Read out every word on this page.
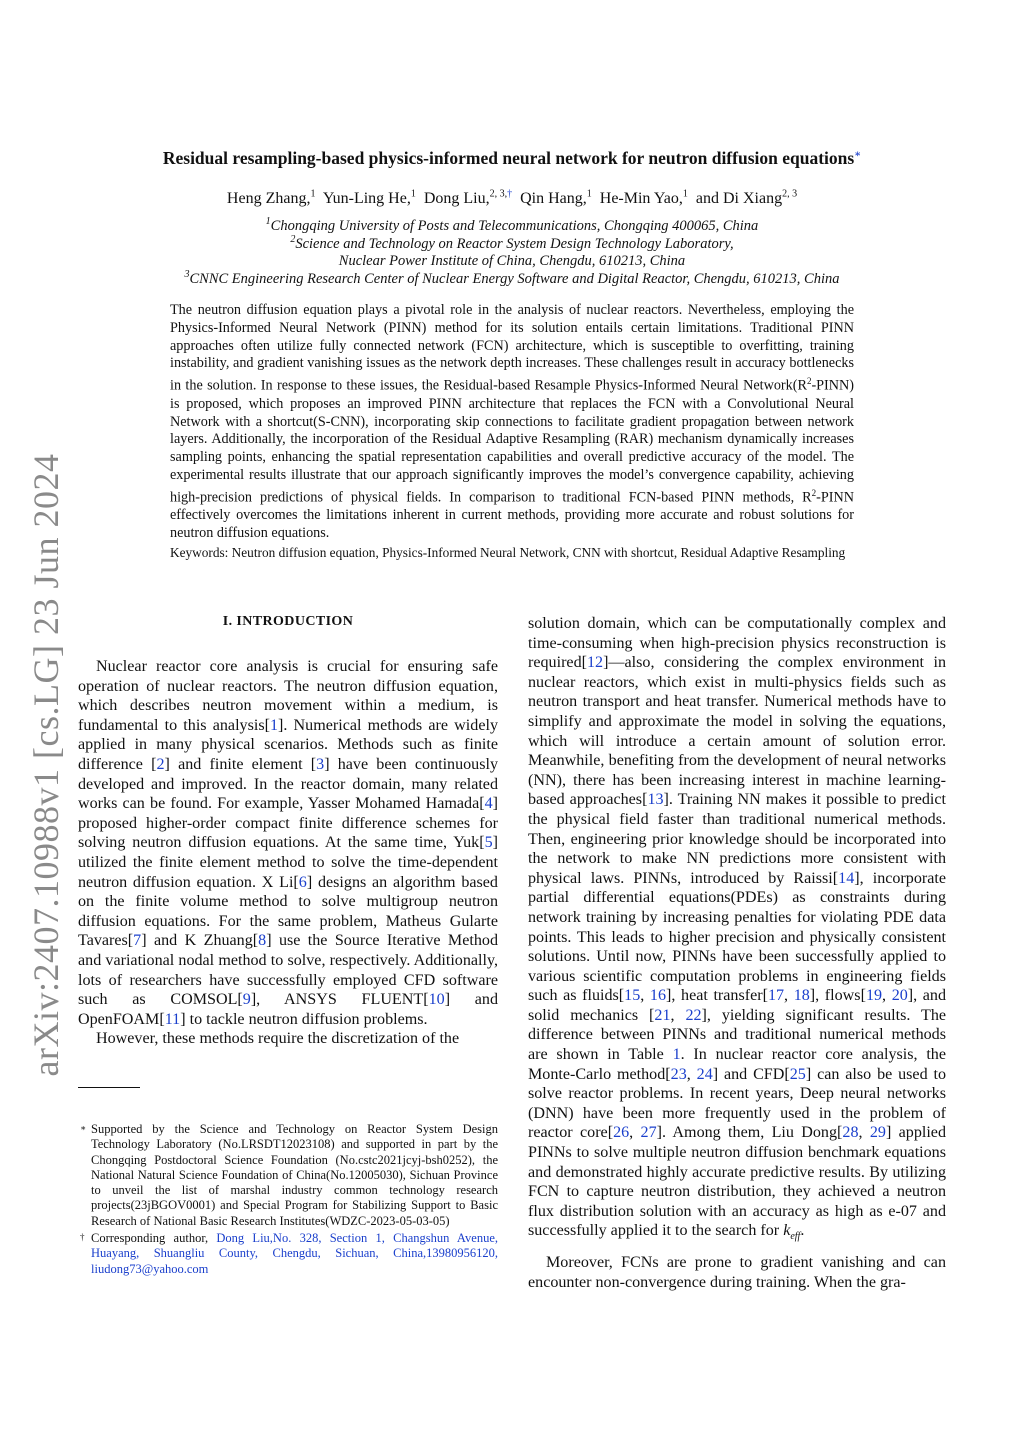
arXiv:2407.10988v1 [cs.LG] 23 Jun 2024
Residual resampling-based physics-informed neural network for neutron diffusion equations∗
Heng Zhang,$^1$ Yun-Ling He,$^1$ Dong Liu,$^{2, 3,\dagger}$ Qin Hang,$^1$ He-Min Yao,$^1$ and Di Xiang$^{2, 3}$
$^1$Chongqing University of Posts and Telecommunications, Chongqing 400065, China
$^2$Science and Technology on Reactor System Design Technology Laboratory,
Nuclear Power Institute of China, Chengdu, 610213, China
$^3$CNNC Engineering Research Center of Nuclear Energy Software and Digital Reactor, Chengdu, 610213, China
The neutron diffusion equation plays a pivotal role in the analysis of nuclear reactors. Nevertheless, employing the Physics-Informed Neural Network (PINN) method for its solution entails certain limitations. Traditional PINN approaches often utilize fully connected network (FCN) architecture, which is susceptible to overfitting, training instability, and gradient vanishing issues as the network depth increases. These challenges result in accuracy bottlenecks in the solution. In response to these issues, the Residual-based Resample Physics-Informed Neural $Network(R^2-PINN)$ is proposed, which proposes an improved PINN architecture that replaces the FCN with a Convolutional Neural Network with a shortcut(S-CNN), incorporating skip connections to facilitate gradient propagation between network layers. Additionally, the incorporation of the Residual Adaptive Resampling (RAR) mechanism dynamically increases sampling points, enhancing the spatial representation capabilities and overall predictive accuracy of the model. The experimental results illustrate that our approach significantly improves the model’s convergence capability, achieving high-precision predictions of physical fields. In comparison to traditional FCN-based PINN methods, $R^2$-PINN effectively overcomes the limitations inherent in current methods, providing more accurate and robust solutions for neutron diffusion equations.
Keywords: Neutron diffusion equation, Physics-Informed Neural Network, CNN with shortcut, Residual Adaptive Resampling
I. INTRODUCTION

Nuclear reactor core analysis is crucial for ensuring safe operation of nuclear reactors. The neutron diffusion equation, which describes neutron movement within a medium, is fundamental to this analysis[1]. Numerical methods are widely applied in many physical scenarios. Methods such as finite difference [2] and finite element [3] have been continuously developed and improved. In the reactor domain, many related works can be found. For example, Yasser Mohamed Hamada[4] proposed higher-order compact finite difference schemes for solving neutron diffusion equations. At the same time, Yuk[5] utilized the finite element method to solve the time-dependent neutron diffusion equation. X Li[6] designs an algorithm based on the finite volume method to solve multigroup neutron diffusion equations. For the same problem, Matheus Gularte Tavares[7] and K Zhuang[8] use the Source Iterative Method and variational nodal method to solve, respectively. Additionally, lots of researchers have successfully employed CFD software such as COMSOL[9], ANSYS FLUENT[10] and OpenFOAM[11] to tackle neutron diffusion problems.

However, these methods require the discretization of the

solution domain, which can be computationally complex and time-consuming when high-precision physics reconstruction is required[12]—also, considering the complex environment in nuclear reactors, which exist in multi-physics fields such as neutron transport and heat transfer. Numerical methods have to simplify and approximate the model in solving the equations, which will introduce a certain amount of solution error. Meanwhile, benefiting from the development of neural networks (NN), there has been increasing interest in machine learning-based approaches[13]. Training NN makes it possible to predict the physical field faster than traditional numerical methods. Then, engineering prior knowledge should be incorporated into the network to make NN predictions more consistent with physical laws. PINNs, introduced by Raissi[14], incorporate partial differential equations(PDEs) as constraints during network training by increasing penalties for violating PDE data points. This leads to higher precision and physically consistent solutions. Until now, PINNs have been successfully applied to various scientific computation problems in engineering fields such as fluids[15, 16], heat transfer[17, 18], flows[19, 20], and solid mechanics [21, 22], yielding significant results. The difference between PINNs and traditional numerical methods are shown in Table 1. In nuclear reactor core analysis, the Monte-Carlo method[23, 24] and CFD[25] can also be used to solve reactor problems. In recent years, Deep neural networks (DNN) have been more frequently used in the problem of reactor core[26, 27]. Among them, Liu Dong[28, 29] applied PINNs to solve multiple neutron diffusion benchmark equations and demonstrated highly accurate predictive results. By utilizing FCN to capture neutron distribution, they achieved a neutron flux distribution solution with an accuracy as high as e-07 and successfully applied it to the search for $k_{eff}$.

Moreover, FCNs are prone to gradient vanishing and can encounter non-convergence during training. When the gra-

∗ Supported by the Science and Technology on Reactor System Design Technology Laboratory (No.LRSDT12023108) and supported in part by the Chongqing Postdoctoral Science Foundation (No.cstc2021jcyj-bsh0252), the National Natural Science Foundation of China(No.12005030), Sichuan Province to unveil the list of marshal industry common technology research projects(23jBGOV0001) and Special Program for Stabilizing Support to Basic Research of National Basic Research Institutes(WDZC-2023-05-03-05)
† Corresponding author, Dong Liu,No. 328, Section 1, Changshun Avenue, Huayang, Shuangliu County, Chengdu, Sichuan, China,13980956120, liudong73@yahoo.com
